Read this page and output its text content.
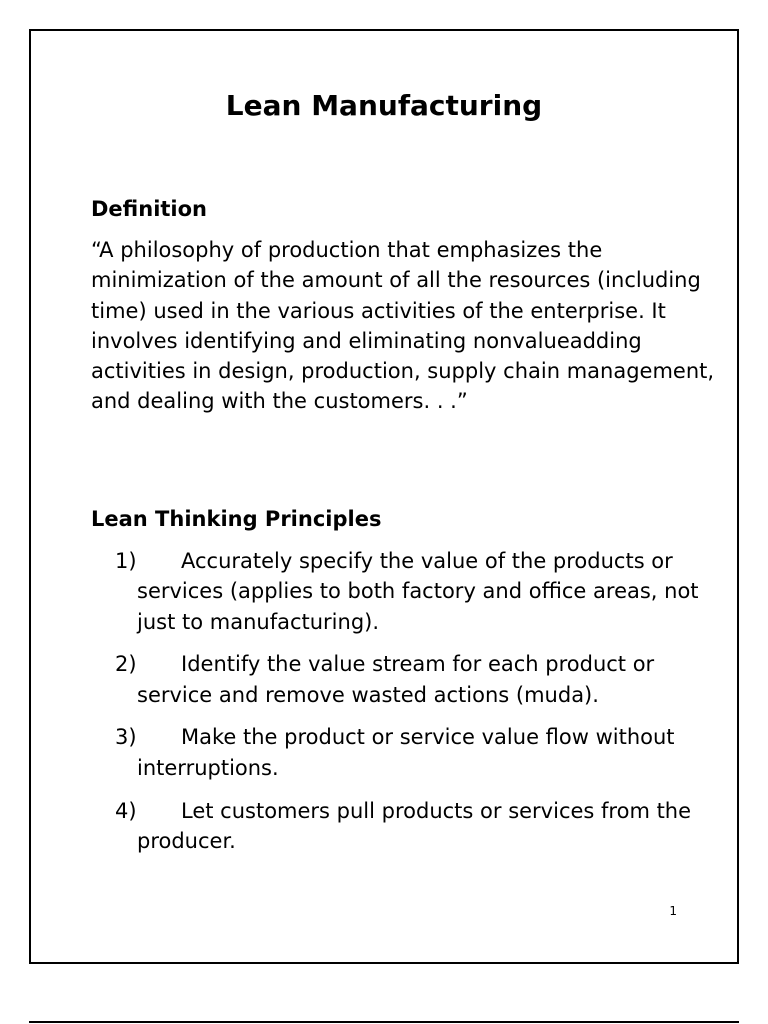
Lean Manufacturing
Definition

“A philosophy of production that emphasizes the minimization of the amount of all the resources (including time) used in the various activities of the enterprise. It involves identifying and eliminating nonvalueadding activities in design, production, supply chain management, and dealing with the customers. . .”

Lean Thinking Principles
1) Accurately specify the value of the products or services (applies to both factory and office areas, not just to manufacturing).
2) Identify the value stream for each product or service and remove wasted actions (muda).
3) Make the product or service value flow without interruptions.
4) Let customers pull products or services from the producer.
1
